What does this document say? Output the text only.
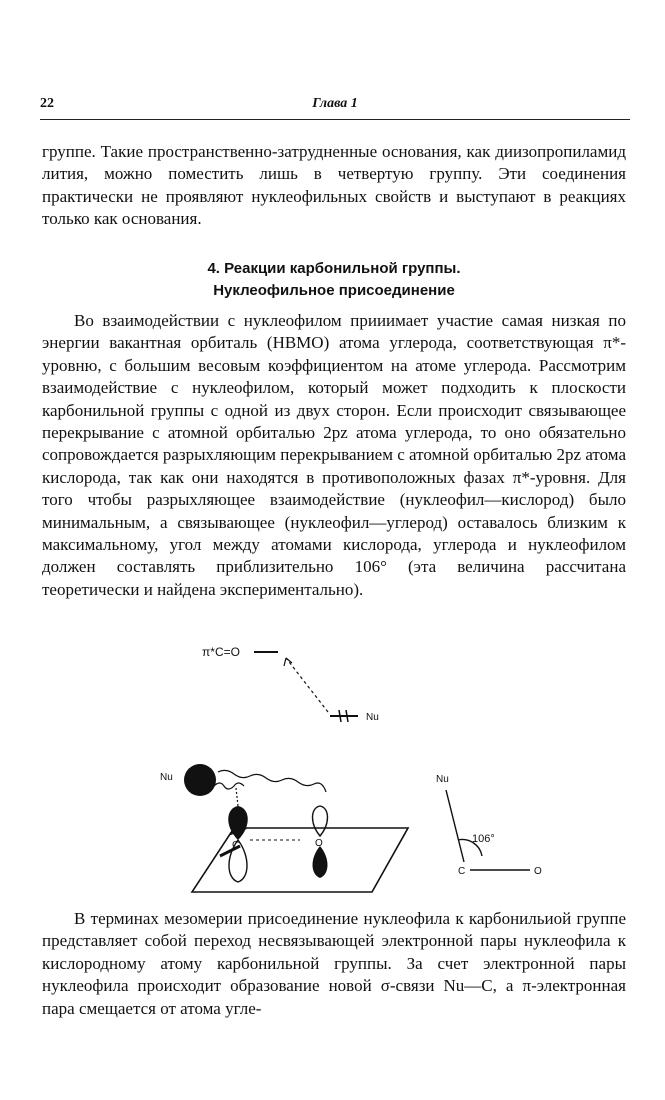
22	Глава 1

группе. Такие пространственно-затрудненные основания, как диизопропиламид лития, можно поместить лишь в четвертую группу. Эти соединения практически не проявляют нуклеофильных свойств и выступают в реакциях только как основания.

4. Реакции карбонильной группы.
Нуклеофильное присоединение

Во взаимодействии с нуклеофилом прииимает участие самая низкая по энергии вакантная орбиталь (НВМО) атома углерода, соответствующая π*-уровню, с большим весовым коэффициентом на атоме углерода. Рассмотрим взаимодействие с нуклеофилом, который может подходить к плоскости карбонильной группы с одной из двух сторон. Если происходит связывающее перекрывание с атомной орбиталью 2pz атома углерода, то оно обязательно сопровождается разрыхляющим перекрыванием с атомной орбиталью 2pz атома кислорода, так как они находятся в противоположных фазах π*-уровня. Для того чтобы разрыхляющее взаимодействие (нуклеофил—кислород) было минимальным, а связывающее (нуклеофил—углерод) оставалось близким к максимальному, угол между атомами кислорода, углерода и нуклеофилом должен составлять приблизительно 106° (эта величина рассчитана теоретически и найдена экспериментально).

π*C=O
Nu
C	O
Nu	Nu
106°
C	O

В терминах мезомерии присоединение нуклеофила к карбонильиой группе представляет собой переход несвязывающей электронной пары нуклеофила к кислородному атому карбонильной группы. За счет электронной пары нуклеофила происходит образование новой σ-связи Nu—C, а π-электронная пара смещается от атома угле-
